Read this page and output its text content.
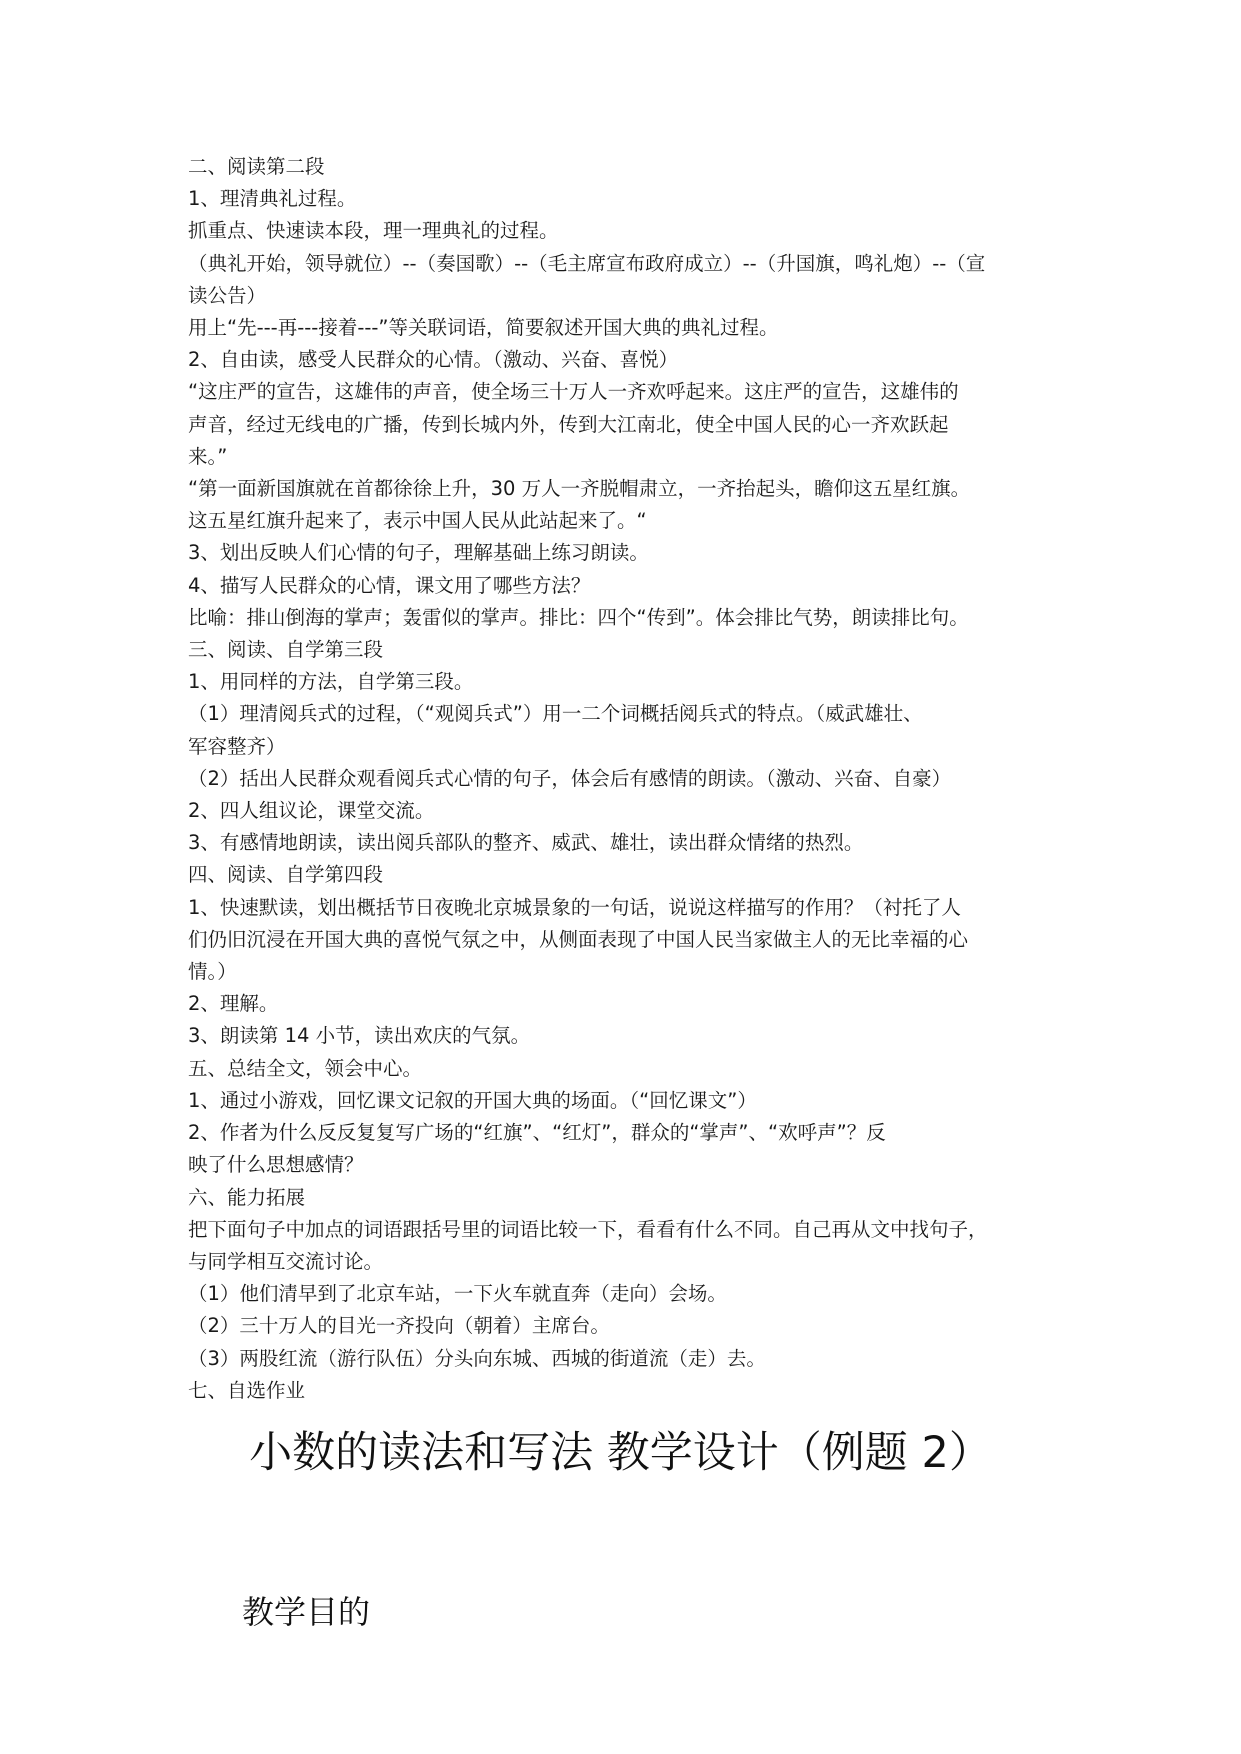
二、阅读第二段
1、理清典礼过程。
抓重点、快速读本段，理一理典礼的过程。
（典礼开始，领导就位）--（奏国歌）--（毛主席宣布政府成立）--（升国旗，鸣礼炮）--（宣
读公告）
用上“先---再---接着---”等关联词语，简要叙述开国大典的典礼过程。
2、自由读，感受人民群众的心情。（激动、兴奋、喜悦）
“这庄严的宣告，这雄伟的声音，使全场三十万人一齐欢呼起来。这庄严的宣告，这雄伟的
声音，经过无线电的广播，传到长城内外，传到大江南北，使全中国人民的心一齐欢跃起
来。”
“第一面新国旗就在首都徐徐上升，30 万人一齐脱帽肃立，一齐抬起头，瞻仰这五星红旗。
这五星红旗升起来了，表示中国人民从此站起来了。“
3、划出反映人们心情的句子，理解基础上练习朗读。
4、描写人民群众的心情，课文用了哪些方法？
比喻：排山倒海的掌声；轰雷似的掌声。排比：四个“传到”。体会排比气势，朗读排比句。
三、阅读、自学第三段
1、用同样的方法，自学第三段。
（1）理清阅兵式的过程，（“观阅兵式”）用一二个词概括阅兵式的特点。（威武雄壮、
军容整齐）
（2）括出人民群众观看阅兵式心情的句子，体会后有感情的朗读。（激动、兴奋、自豪）
2、四人组议论，课堂交流。
3、有感情地朗读，读出阅兵部队的整齐、威武、雄壮，读出群众情绪的热烈。
四、阅读、自学第四段
1、快速默读，划出概括节日夜晚北京城景象的一句话，说说这样描写的作用？（衬托了人
们仍旧沉浸在开国大典的喜悦气氛之中，从侧面表现了中国人民当家做主人的无比幸福的心
情。）
2、理解。
3、朗读第 14 小节，读出欢庆的气氛。
五、总结全文，领会中心。
1、通过小游戏，回忆课文记叙的开国大典的场面。（“回忆课文”）
2、作者为什么反反复复写广场的“红旗”、“红灯”，群众的“掌声”、“欢呼声”？反
映了什么思想感情？
六、能力拓展
把下面句子中加点的词语跟括号里的词语比较一下，看看有什么不同。自己再从文中找句子，
与同学相互交流讨论。
（1）他们清早到了北京车站，一下火车就直奔（走向）会场。
（2）三十万人的目光一齐投向（朝着）主席台。
（3）两股红流（游行队伍）分头向东城、西城的街道流（走）去。
七、自选作业
小数的读法和写法 教学设计（例题 2）
教学目的
